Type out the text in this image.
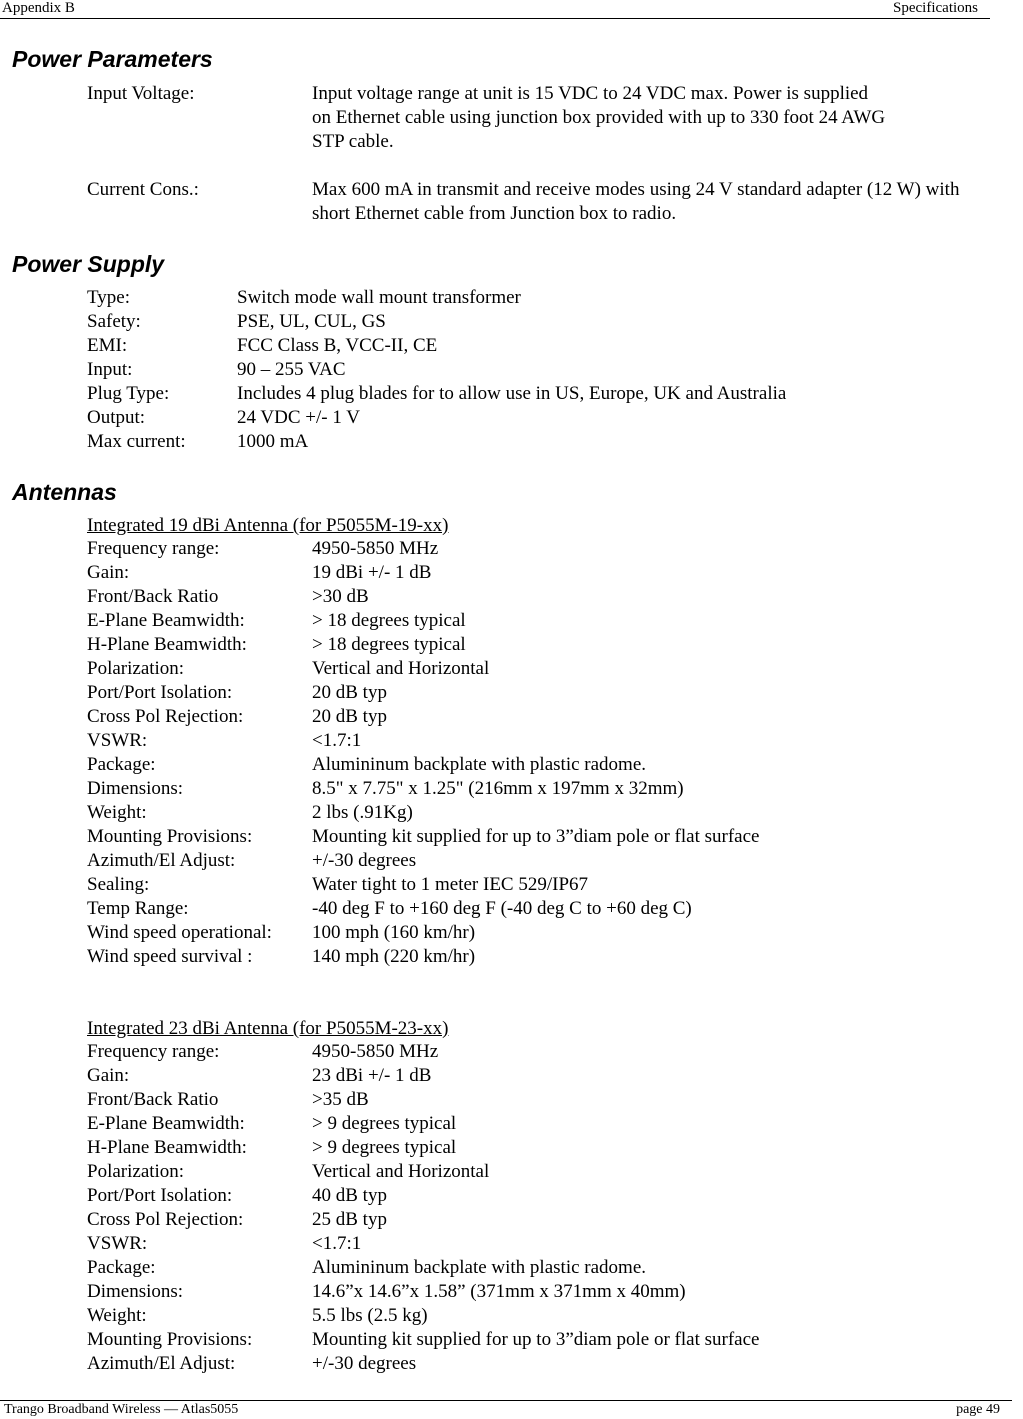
Appendix B	Specifications
Power Parameters
Input Voltage:	Input voltage range at unit is 15 VDC to 24 VDC max. Power is supplied
on Ethernet cable using junction box provided with up to 330 foot 24 AWG
STP cable.
Current Cons.:	Max 600 mA in transmit and receive modes using 24 V standard adapter (12 W) with
short Ethernet cable from Junction box to radio.
Power Supply
Type:	Switch mode wall mount transformer
Safety:	PSE, UL, CUL, GS
EMI:	FCC Class B, VCC-II, CE
Input:	90 – 255 VAC
Plug Type:	Includes 4 plug blades for to allow use in US, Europe, UK and Australia
Output:	24 VDC +/- 1 V
Max current:	1000 mA
Antennas
Integrated 19 dBi Antenna (for P5055M-19-xx)
Frequency range:	4950-5850 MHz
Gain:	19 dBi +/- 1 dB
Front/Back Ratio	>30 dB
E-Plane Beamwidth:	> 18 degrees typical
H-Plane Beamwidth:	> 18 degrees typical
Polarization:	Vertical and Horizontal
Port/Port Isolation:	20 dB typ
Cross Pol Rejection:	20 dB typ
VSWR:	<1.7:1
Package:	Alumininum backplate with plastic radome.
Dimensions:	8.5" x 7.75" x 1.25" (216mm x 197mm x 32mm)
Weight:	2 lbs (.91Kg)
Mounting Provisions:	Mounting kit supplied for up to 3”diam pole or flat surface
Azimuth/El Adjust:	+/-30 degrees
Sealing:	Water tight to 1 meter IEC 529/IP67
Temp Range:	-40 deg F to +160 deg F (-40 deg C to +60 deg C)
Wind speed operational: 100 mph (160 km/hr)
Wind speed survival :	140 mph (220 km/hr)
Integrated 23 dBi Antenna (for P5055M-23-xx)
Frequency range:	4950-5850 MHz
Gain:	23 dBi +/- 1 dB
Front/Back Ratio	>35 dB
E-Plane Beamwidth:	> 9 degrees typical
H-Plane Beamwidth:	> 9 degrees typical
Polarization:	Vertical and Horizontal
Port/Port Isolation:	40 dB typ
Cross Pol Rejection:	25 dB typ
VSWR:	<1.7:1
Package:	Alumininum backplate with plastic radome.
Dimensions:	14.6”x 14.6”x 1.58” (371mm x 371mm x 40mm)
Weight:	5.5 lbs (2.5 kg)
Mounting Provisions:	Mounting kit supplied for up to 3”diam pole or flat surface
Azimuth/El Adjust:	+/-30 degrees
Trango Broadband Wireless — Atlas5055	page 49
